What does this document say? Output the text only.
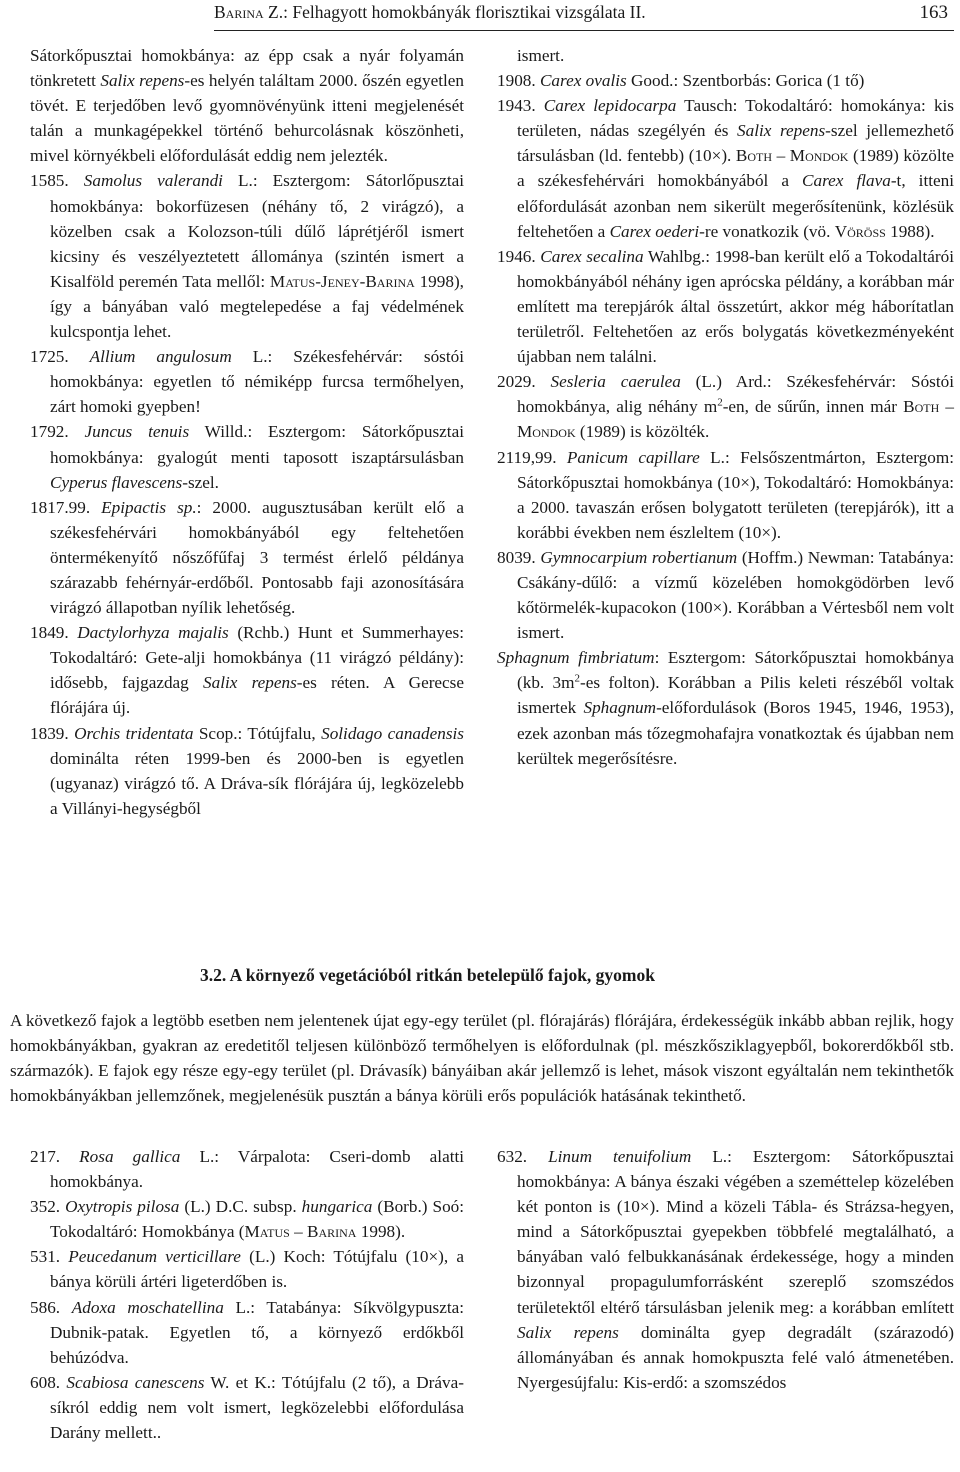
Barina Z.: Felhagyott homokbányák florisztikai vizsgálata II.	163

Sátorkőpusztai homokbánya: az épp csak a nyár folyamán tönkretett Salix repens-es helyén találtam 2000. őszén egyetlen tövét. E terjedőben levő gyomnövényünk itteni megjelenését talán a munkagépekkel történő behurcolásnak köszönheti, mivel környékbeli előfordulását eddig nem jelezték.

1585. Samolus valerandi L.: Esztergom: Sátorlőpusztai homokbánya: bokorfüzesen (néhány tő, 2 virágzó), a közelben csak a Kolozson-túli dűlő láprétjéről ismert kicsiny és veszélyeztetett állománya (szintén ismert a Kisalföld peremén Tata mellől: Matus-Jeney-Barina 1998), így a bányában való megtelepedése a faj védelmének kulcspontja lehet.

1725. Allium angulosum L.: Székesfehérvár: sóstói homokbánya: egyetlen tő némiképp furcsa termőhelyen, zárt homoki gyepben!

1792. Juncus tenuis Willd.: Esztergom: Sátorkőpusztai homokbánya: gyalogút menti taposott iszaptársulásban Cyperus flavescens-szel.

1817.99. Epipactis sp.: 2000. augusztusában került elő a székesfehérvári homokbányából egy feltehetően öntermékenyítő nőszőfűfaj 3 termést érlelő példánya szárazabb fehérnyár-erdőből. Pontosabb faji azonosítására virágzó állapotban nyílik lehetőség.

1849. Dactylorhyza majalis (Rchb.) Hunt et Summerhayes: Tokodaltáró: Gete-alji homokbánya (11 virágzó példány): idősebb, fajgazdag Salix repens-es réten. A Gerecse flórájára új.

1839. Orchis tridentata Scop.: Tótújfalu, Solidago canadensis dominálta réten 1999-ben és 2000-ben is egyetlen (ugyanaz) virágzó tő. A Dráva-sík flórájára új, legközelebb a Villányi-hegységből

ismert.

1908. Carex ovalis Good.: Szentborbás: Gorica (1 tő)

1943. Carex lepidocarpa Tausch: Tokodaltáró: homokánya: kis területen, nádas szegélyén és Salix repens-szel jellemezhető társulásban (ld. fentebb) (10×). Both – Mondok (1989) közölte a székesfehérvári homokbányából a Carex flava-t, itteni előfordulását azonban nem sikerült megerősítenünk, közlésük feltehetően a Carex oederi-re vonatkozik (vö. Vöröss 1988).

1946. Carex secalina Wahlbg.: 1998-ban került elő a Tokodaltárói homokbányából néhány igen aprócska példány, a korábban már említett ma terepjárók által összetúrt, akkor még háborítatlan területről. Feltehetően az erős bolygatás következményeként újabban nem találni.

2029. Sesleria caerulea (L.) Ard.: Székesfehérvár: Sóstói homokbánya, alig néhány $m^2-en$, de sűrűn, innen már Both – Mondok (1989) is közölték.

2119,99. Panicum capillare L.: Felsőszentmárton, Esztergom: Sátorkőpusztai homokbánya (10×), Tokodaltáró: Homokbánya: a 2000. tavaszán erősen bolygatott területen (terepjárók), itt a korábbi években nem észleltem (10×).

8039. Gymnocarpium robertianum (Hoffm.) Newman: Tatabánya: Csákány-dűlő: a vízmű közelében homokgödörben levő kőtörmelék-kupacokon (100×). Korábban a Vértesből nem volt ismert.

Sphagnum fimbriatum: Esztergom: Sátorkőpusztai homokbánya (kb. $3m^2-es$ folton). Korábban a Pilis keleti részéből voltak ismertek Sphagnum-előfordulások (Boros 1945, 1946, 1953), ezek azonban más tőzegmohafajra vonatkoztak és újabban nem kerültek megerősítésre.

3.2. A környező vegetációból ritkán betelepülő fajok, gyomok

A következő fajok a legtöbb esetben nem jelentenek újat egy-egy terület (pl. flórajárás) flórájára, érdekességük inkább abban rejlik, hogy homokbányákban, gyakran az eredetitől teljesen különböző termőhelyen is előfordulnak (pl. mészkősziklagyepből, bokorerdőkből stb. származók). E fajok egy része egy-egy terület (pl. Drávasík) bányáiban akár jellemző is lehet, mások viszont egyáltalán nem tekinthetők homokbányákban jellemzőnek, megjelenésük pusztán a bánya körüli erős populációk hatásának tekinthető.

217. Rosa gallica L.: Várpalota: Cseri-domb alatti homokbánya.

352. Oxytropis pilosa (L.) D.C. subsp. hungarica (Borb.) Soó: Tokodaltáró: Homokbánya (Matus – Barina 1998).

531. Peucedanum verticillare (L.) Koch: Tótújfalu (10×), a bánya körüli ártéri ligeterdőben is.

586. Adoxa moschatellina L.: Tatabánya: Síkvölgypuszta: Dubnik-patak. Egyetlen tő, a környező erdőkből behúzódva.

608. Scabiosa canescens W. et K.: Tótújfalu (2 tő), a Dráva-síkról eddig nem volt ismert, legközelebbi előfordulása Darány mellett..

632. Linum tenuifolium L.: Esztergom: Sátorkőpusztai homokbánya: A bánya északi végében a szeméttelep közelében két ponton is (10×). Mind a közeli Tábla- és Strázsa-hegyen, mind a Sátorkőpusztai gyepekben többfelé megtalálható, a bányában való felbukkanásának érdekessége, hogy a minden bizonnyal propagulumforrásként szereplő szomszédos területektől eltérő társulásban jelenik meg: a korábban említett Salix repens dominálta gyep degradált (szárazodó) állományában és annak homokpuszta felé való átmenetében. Nyergesújfalu: Kis-erdő: a szomszédos
